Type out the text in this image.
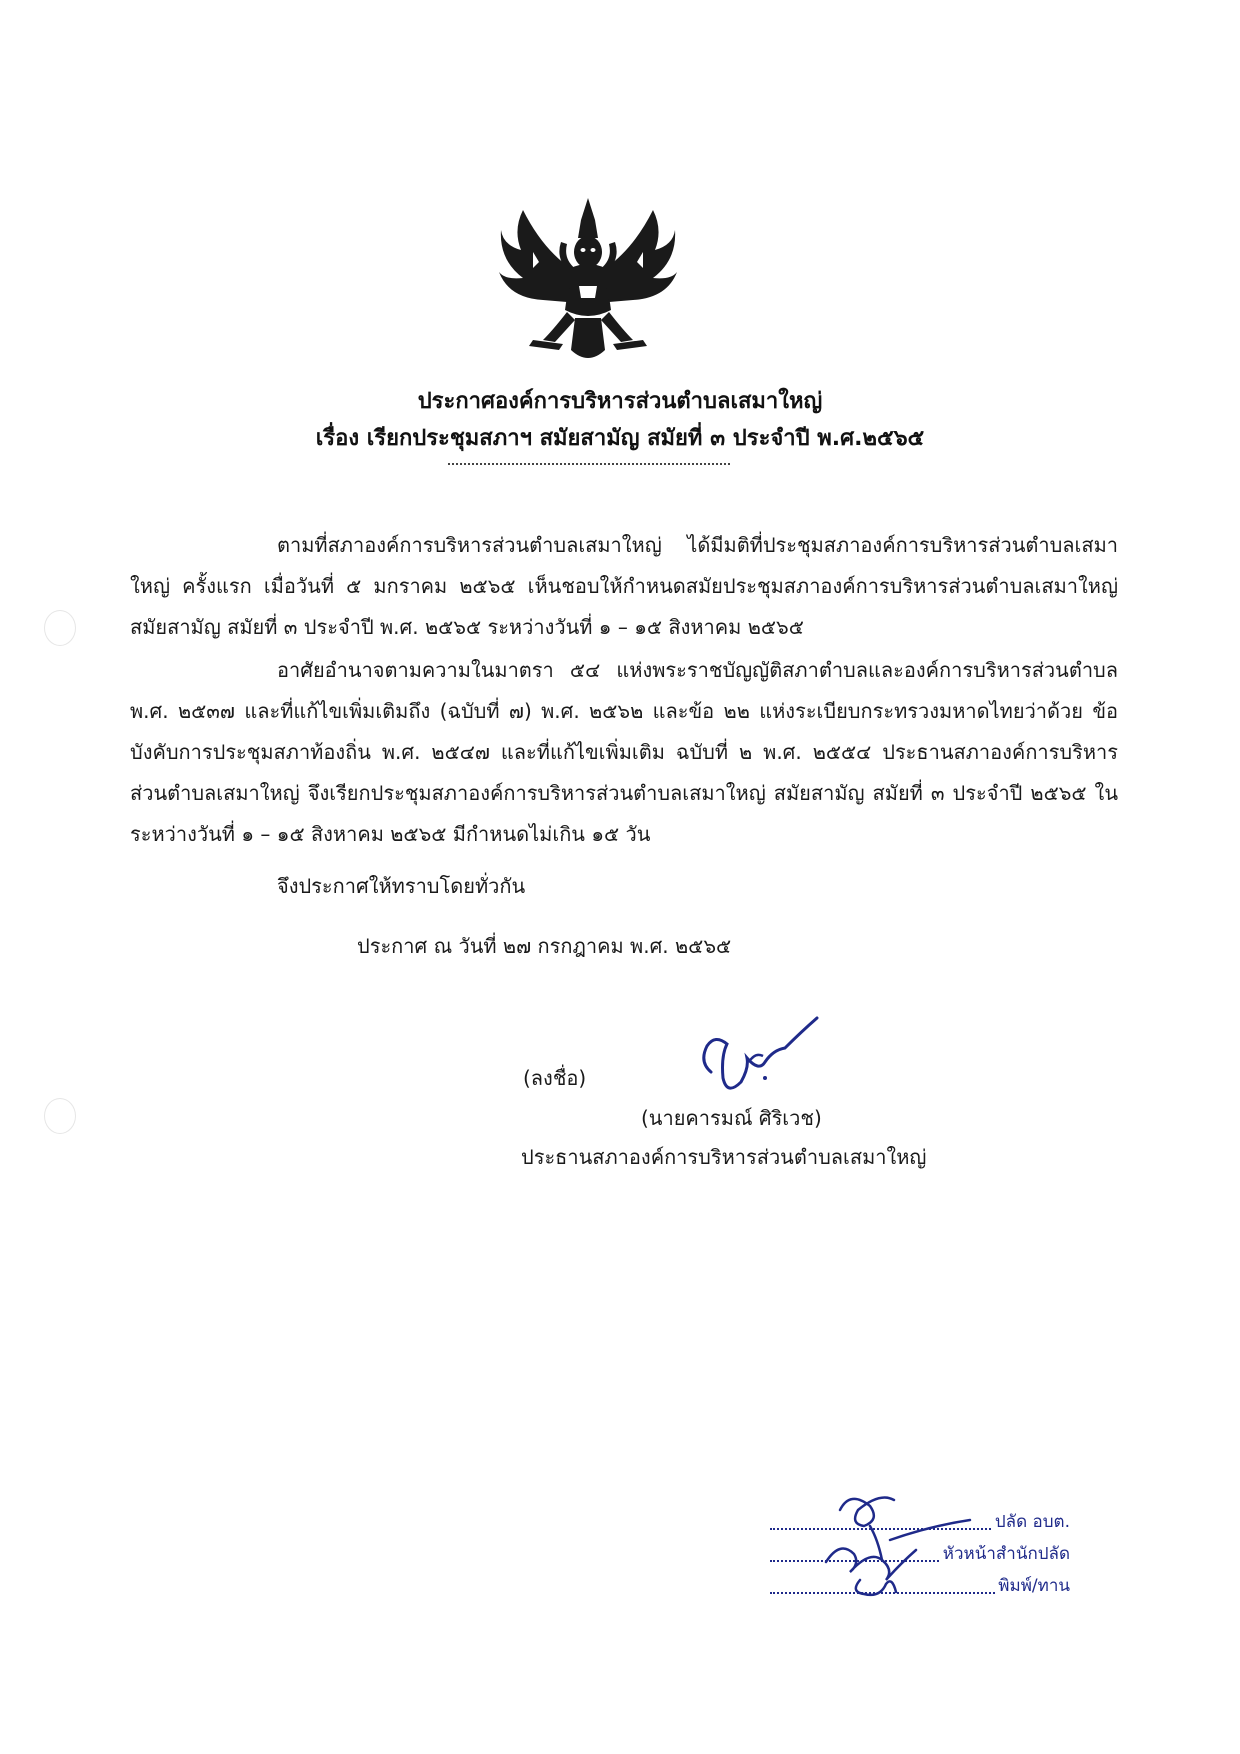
ประกาศองค์การบริหารส่วนตำบลเสมาใหญ่
เรื่อง เรียกประชุมสภาฯ สมัยสามัญ สมัยที่ ๓ ประจำปี พ.ศ.๒๕๖๕
ตามที่สภาองค์การบริหารส่วนตำบลเสมาใหญ่ ได้มีมติที่ประชุมสภาองค์การบริหารส่วนตำบลเสมาใหญ่ ครั้งแรก เมื่อวันที่ ๕ มกราคม ๒๕๖๕ เห็นชอบให้กำหนดสมัยประชุมสภาองค์การบริหารส่วนตำบลเสมาใหญ่ สมัยสามัญ สมัยที่ ๓ ประจำปี พ.ศ. ๒๕๖๕ ระหว่างวันที่ ๑ – ๑๕ สิงหาคม ๒๕๖๕
อาศัยอำนาจตามความในมาตรา ๕๔ แห่งพระราชบัญญัติสภาตำบลและองค์การบริหารส่วนตำบล พ.ศ. ๒๕๓๗ และที่แก้ไขเพิ่มเติมถึง (ฉบับที่ ๗) พ.ศ. ๒๕๖๒ และข้อ ๒๒ แห่งระเบียบกระทรวงมหาดไทยว่าด้วย ข้อบังคับการประชุมสภาท้องถิ่น พ.ศ. ๒๕๔๗ และที่แก้ไขเพิ่มเติม ฉบับที่ ๒ พ.ศ. ๒๕๕๔ ประธานสภาองค์การบริหารส่วนตำบลเสมาใหญ่ จึงเรียกประชุมสภาองค์การบริหารส่วนตำบลเสมาใหญ่ สมัยสามัญ สมัยที่ ๓ ประจำปี ๒๕๖๕ ในระหว่างวันที่ ๑ – ๑๕ สิงหาคม ๒๕๖๕ มีกำหนดไม่เกิน ๑๕ วัน
จึงประกาศให้ทราบโดยทั่วกัน
ประกาศ ณ วันที่ ๒๗ กรกฎาคม พ.ศ. ๒๕๖๕
(ลงชื่อ)
(นายคารมณ์ ศิริเวช)
ประธานสภาองค์การบริหารส่วนตำบลเสมาใหญ่
ปลัด อบต.
หัวหน้าสำนักปลัด
พิมพ์/ทาน
